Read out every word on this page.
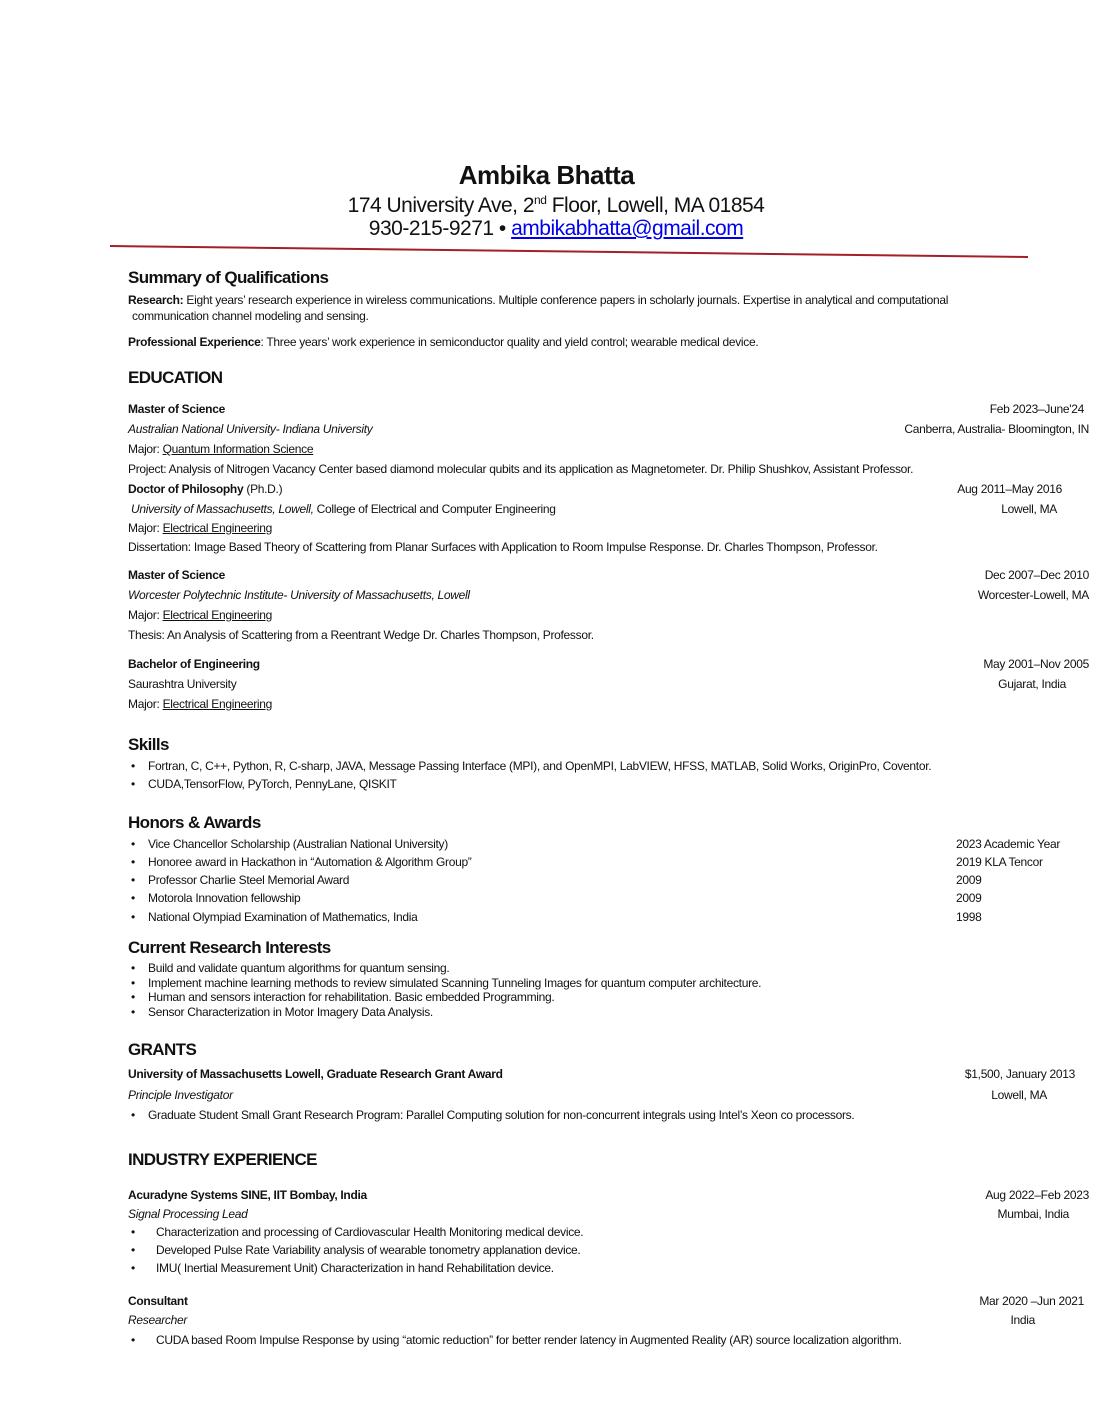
Ambika Bhatta
174 University Ave, 2nd Floor, Lowell, MA 01854
930-215-9271 • ambikabhatta@gmail.com
Summary of Qualifications
Research: Eight years’ research experience in wireless communications. Multiple conference papers in scholarly journals. Expertise in analytical and computational
communication channel modeling and sensing.
Professional Experience: Three years’ work experience in semiconductor quality and yield control; wearable medical device.
EDUCATION
Master of Science	Feb 2023–June'24
Australian National University- Indiana University	Canberra, Australia- Bloomington, IN
Major: Quantum Information Science
Project: Analysis of Nitrogen Vacancy Center based diamond molecular qubits and its application as Magnetometer. Dr. Philip Shushkov, Assistant Professor.
Doctor of Philosophy (Ph.D.)	Aug 2011–May 2016
University of Massachusetts, Lowell, College of Electrical and Computer Engineering	Lowell, MA
Major: Electrical Engineering
Dissertation: Image Based Theory of Scattering from Planar Surfaces with Application to Room Impulse Response. Dr. Charles Thompson, Professor.
Master of Science	Dec 2007–Dec 2010
Worcester Polytechnic Institute- University of Massachusetts, Lowell	Worcester-Lowell, MA
Major: Electrical Engineering
Thesis: An Analysis of Scattering from a Reentrant Wedge Dr. Charles Thompson, Professor.
Bachelor of Engineering	May 2001–Nov 2005
Saurashtra University	Gujarat, India
Major: Electrical Engineering
Skills
• Fortran, C, C++, Python, R, C-sharp, JAVA, Message Passing Interface (MPI), and OpenMPI, LabVIEW, HFSS, MATLAB, Solid Works, OriginPro, Coventor.
• CUDA,TensorFlow, PyTorch, PennyLane, QISKIT
Honors & Awards
• Vice Chancellor Scholarship (Australian National University)	2023 Academic Year
• Honoree award in Hackathon in “Automation & Algorithm Group”	2019 KLA Tencor
• Professor Charlie Steel Memorial Award	2009
• Motorola Innovation fellowship	2009
• National Olympiad Examination of Mathematics, India	1998
Current Research Interests
• Build and validate quantum algorithms for quantum sensing.
• Implement machine learning methods to review simulated Scanning Tunneling Images for quantum computer architecture.
• Human and sensors interaction for rehabilitation. Basic embedded Programming.
• Sensor Characterization in Motor Imagery Data Analysis.
GRANTS
University of Massachusetts Lowell, Graduate Research Grant Award	$1,500, January 2013
Principle Investigator	Lowell, MA
• Graduate Student Small Grant Research Program: Parallel Computing solution for non-concurrent integrals using Intel’s Xeon co processors.
INDUSTRY EXPERIENCE
Acuradyne Systems SINE, IIT Bombay, India	Aug 2022–Feb 2023
Signal Processing Lead	Mumbai, India
• Characterization and processing of Cardiovascular Health Monitoring medical device.
• Developed Pulse Rate Variability analysis of wearable tonometry applanation device.
• IMU( Inertial Measurement Unit) Characterization in hand Rehabilitation device.
Consultant	Mar 2020 –Jun 2021
Researcher	India
• CUDA based Room Impulse Response by using “atomic reduction” for better render latency in Augmented Reality (AR) source localization algorithm.
